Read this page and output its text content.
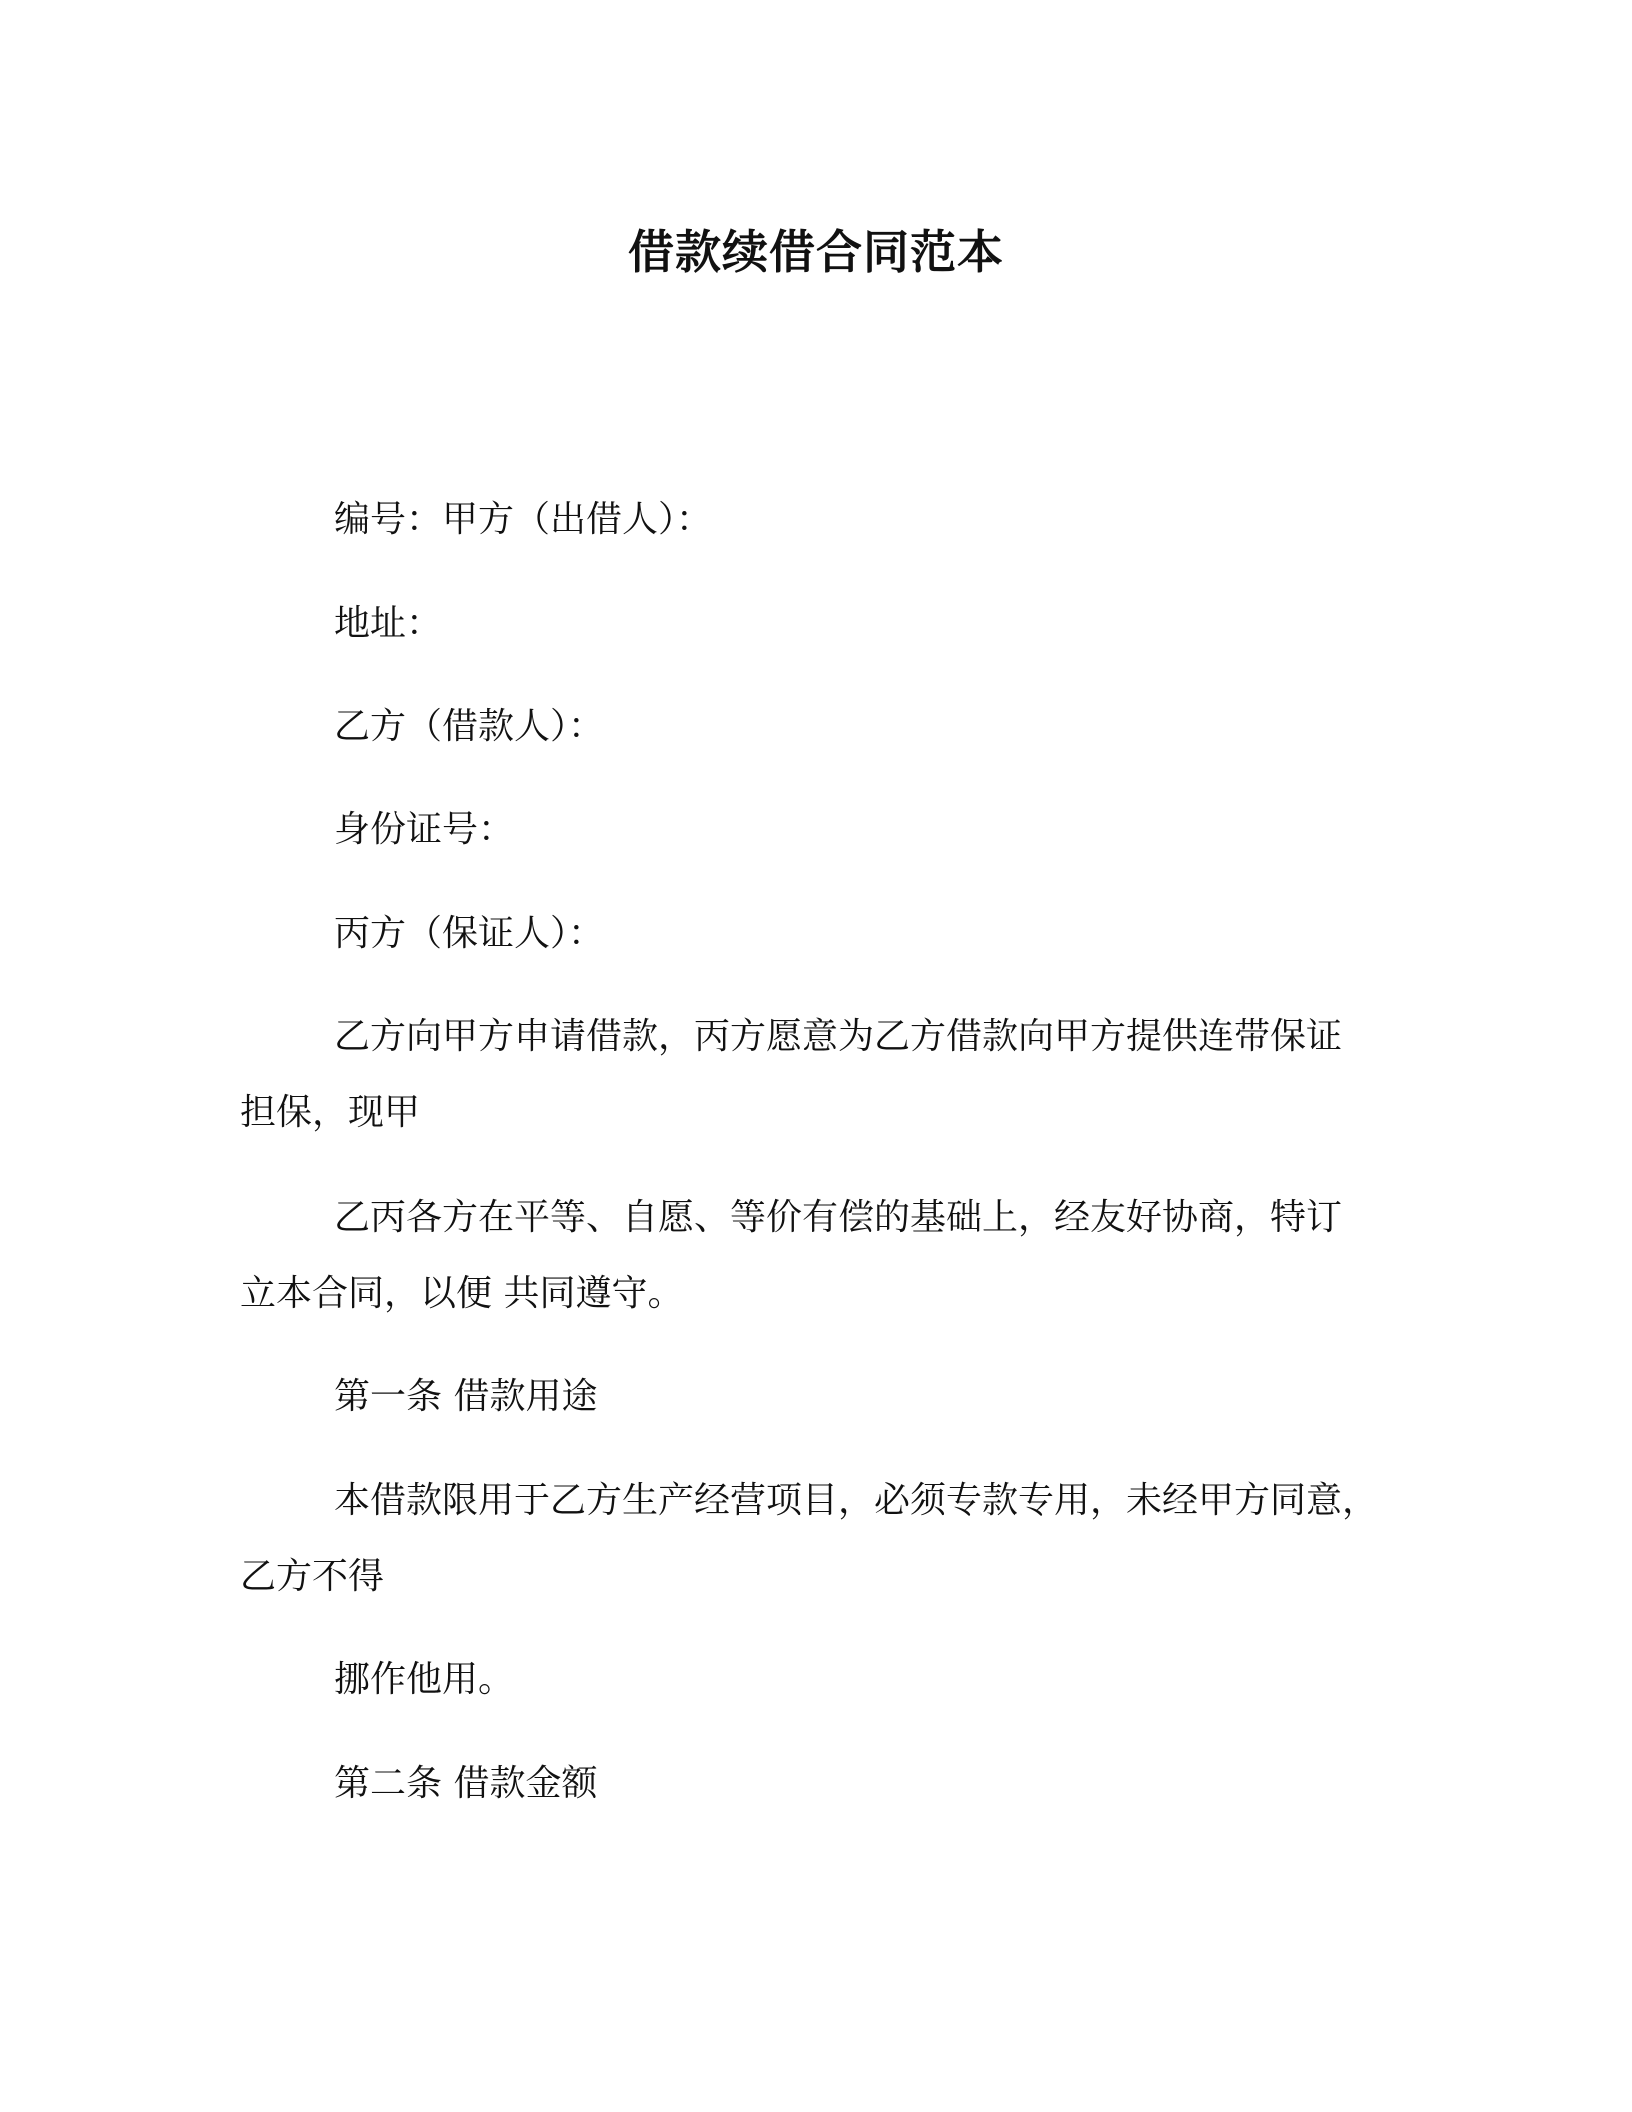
借款续借合同范本

编号：甲方（出借人）：

地址：

乙方（借款人）：

身份证号：

丙方（保证人）：

乙方向甲方申请借款，丙方愿意为乙方借款向甲方提供连带保证

担保，现甲

乙丙各方在平等、自愿、等价有偿的基础上，经友好协商，特订

立本合同，以便 共同遵守。

第一条 借款用途

本借款限用于乙方生产经营项目，必须专款专用，未经甲方同意，

乙方不得

挪作他用。

第二条 借款金额
